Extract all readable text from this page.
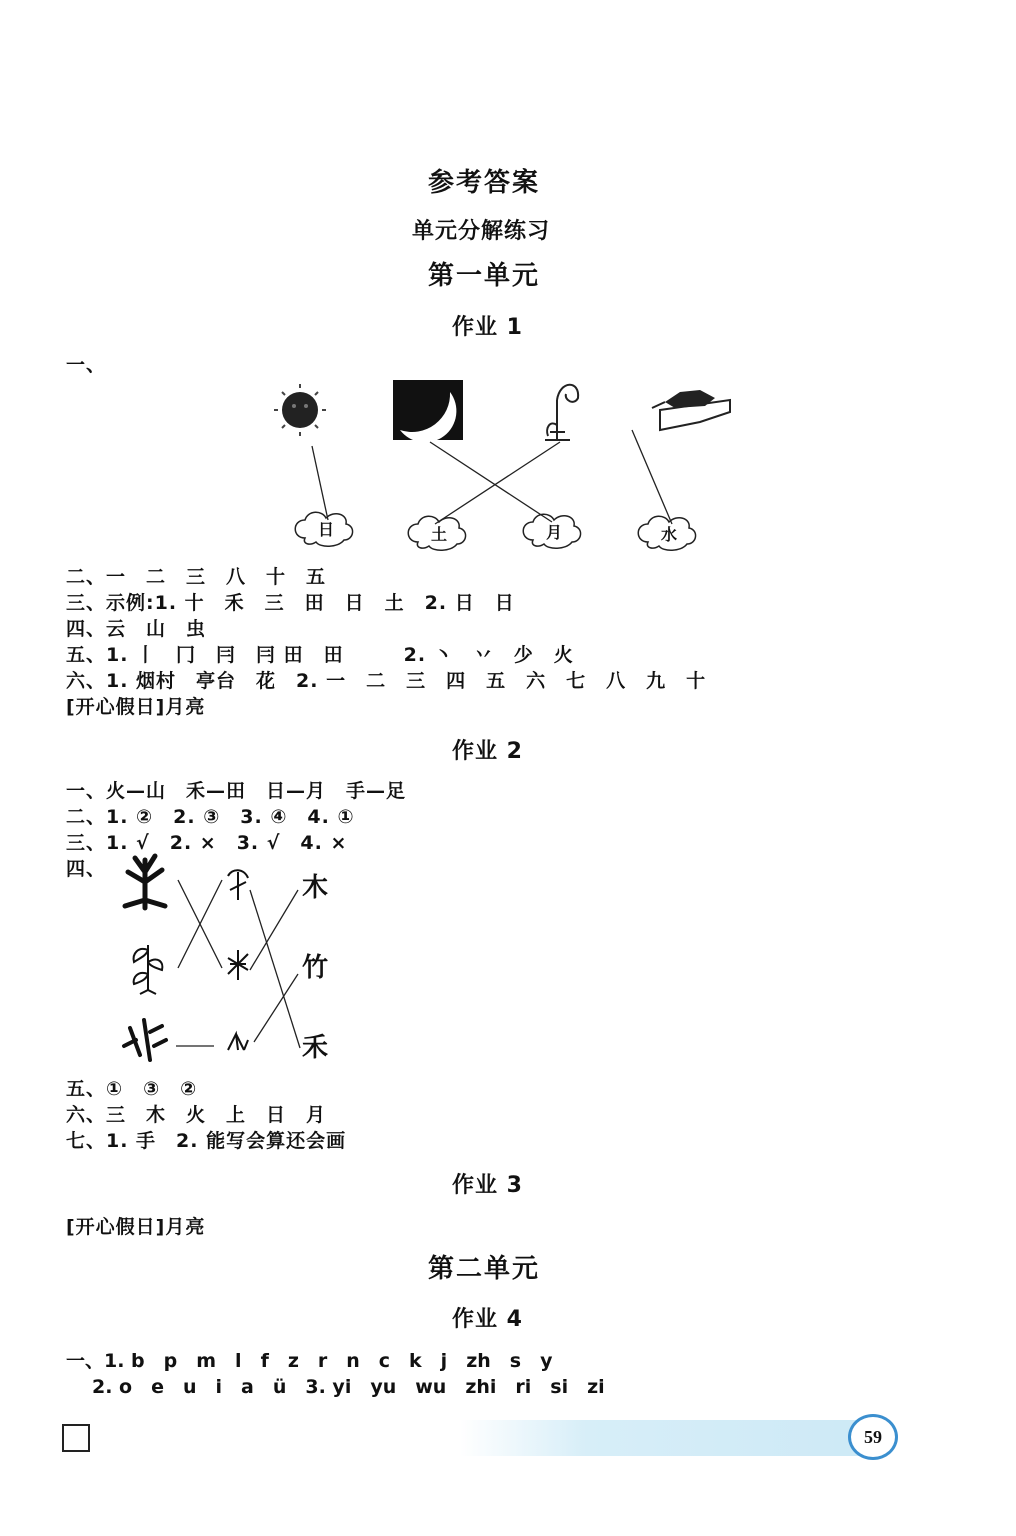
参考答案
单元分解练习
第一单元
作业 1
一、
日	土	月	水
二、一　二　三　八　十　五
三、示例:1. 十　禾　三　田　日　土　2. 日　日
四、云　山　虫
五、1. 丨　冂　冃　冃 田　田　　　2. 丶　丷　少　火
六、1. 烟村　亭台　花　2. 一　二　三　四　五　六　七　八　九　十
[开心假日]月亮
作业 2
一、火—山　禾—田　日—月　手—足
二、1. ②　2. ③　3. ④　4. ①
三、1. √　2. ×　3. √　4. ×
四、
木
竹
禾
五、①　③　②
六、三　木　火　上　日　月
七、1. 手　2. 能写会算还会画
作业 3
[开心假日]月亮
第二单元
作业 4
一、1. b　p　m　l　f　z　r　n　c　k　j　zh　s　y
2. o　e　u　i　a　ü　3. yi　yu　wu　zhi　ri　si　zi
59
